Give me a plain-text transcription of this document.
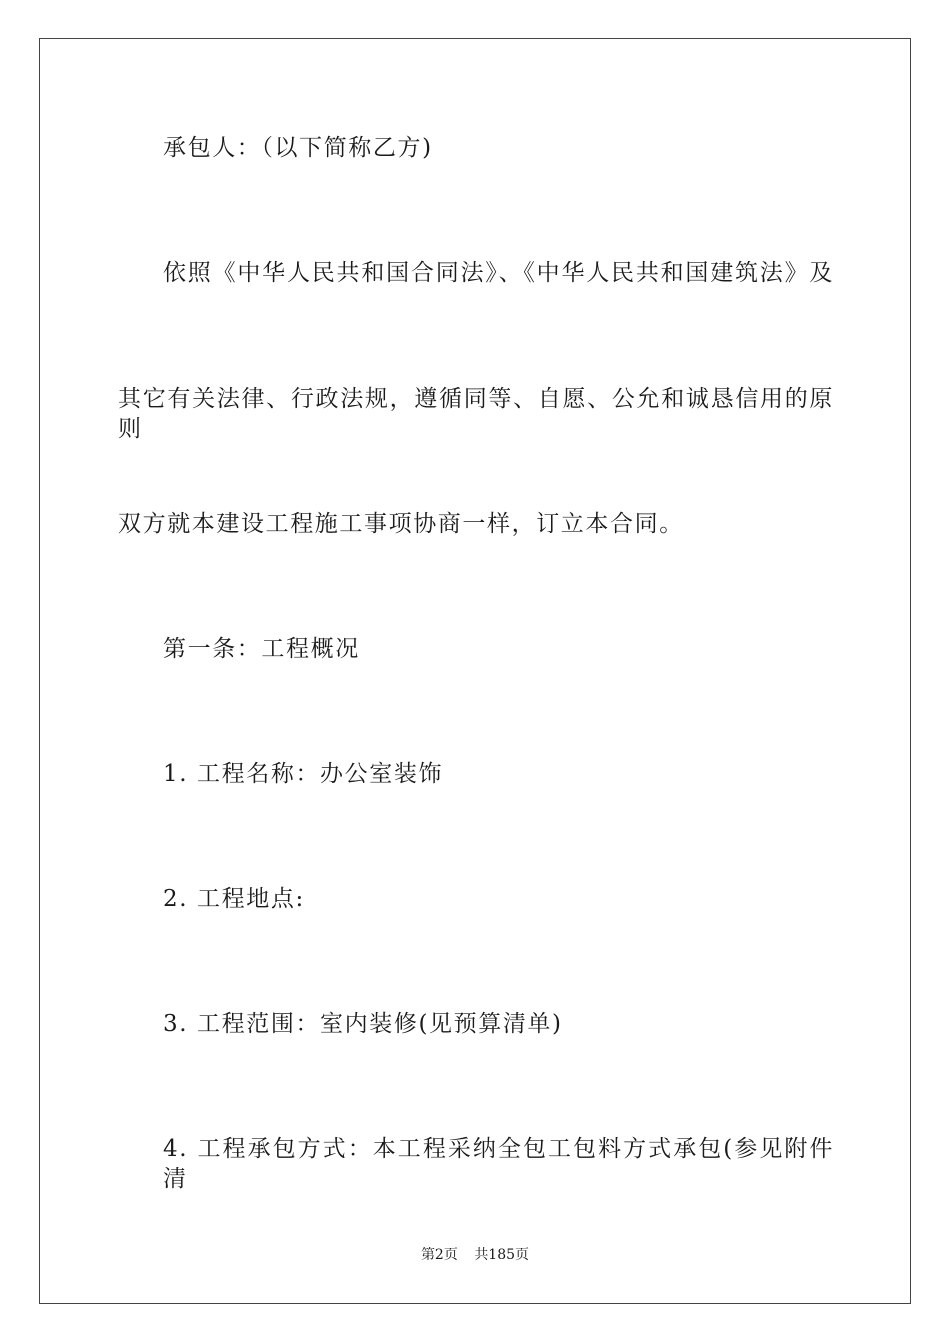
承包人：（以下简称乙方)
依照《中华人民共和国合同法》、《中华人民共和国建筑法》及
其它有关法律、行政法规，遵循同等、自愿、公允和诚恳信用的原则
双方就本建设工程施工事项协商一样，订立本合同。
第一条：工程概况
1. 工程名称：办公室装饰
2. 工程地点:
3. 工程范围：室内装修(见预算清单)
4. 工程承包方式：本工程采纳全包工包料方式承包(参见附件清
第2页 共185页
